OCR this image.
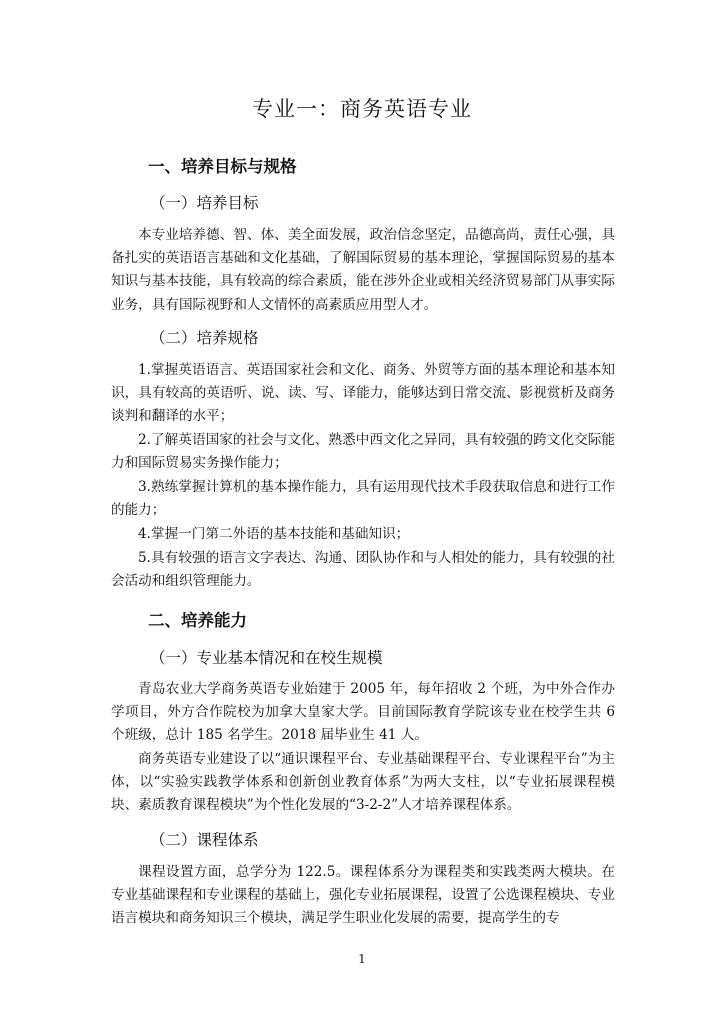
专业一：商务英语专业
一、培养目标与规格
（一）培养目标

本专业培养德、智、体、美全面发展，政治信念坚定，品德高尚，责任心强，具备扎实的英语语言基础和文化基础，了解国际贸易的基本理论，掌握国际贸易的基本知识与基本技能，具有较高的综合素质，能在涉外企业或相关经济贸易部门从事实际业务，具有国际视野和人文情怀的高素质应用型人才。

（二）培养规格

1.掌握英语语言、英语国家社会和文化、商务、外贸等方面的基本理论和基本知识，具有较高的英语听、说、读、写、译能力，能够达到日常交流、影视赏析及商务谈判和翻译的水平；

2.了解英语国家的社会与文化、熟悉中西文化之异同，具有较强的跨文化交际能力和国际贸易实务操作能力；

3.熟练掌握计算机的基本操作能力，具有运用现代技术手段获取信息和进行工作的能力；

4.掌握一门第二外语的基本技能和基础知识；

5.具有较强的语言文字表达、沟通、团队协作和与人相处的能力，具有较强的社会活动和组织管理能力。

二、培养能力
（一）专业基本情况和在校生规模

青岛农业大学商务英语专业始建于 2005 年，每年招收 2 个班，为中外合作办学项目，外方合作院校为加拿大皇家大学。目前国际教育学院该专业在校学生共 6 个班级，总计 185 名学生。2018 届毕业生 41 人。

商务英语专业建设了以“通识课程平台、专业基础课程平台、专业课程平台”为主体，以“实验实践教学体系和创新创业教育体系”为两大支柱，以“专业拓展课程模块、素质教育课程模块”为个性化发展的“3-2-2”人才培养课程体系。

（二）课程体系

课程设置方面，总学分为 122.5。课程体系分为课程类和实践类两大模块。在专业基础课程和专业课程的基础上，强化专业拓展课程，设置了公选课程模块、专业语言模块和商务知识三个模块，满足学生职业化发展的需要，提高学生的专

1
